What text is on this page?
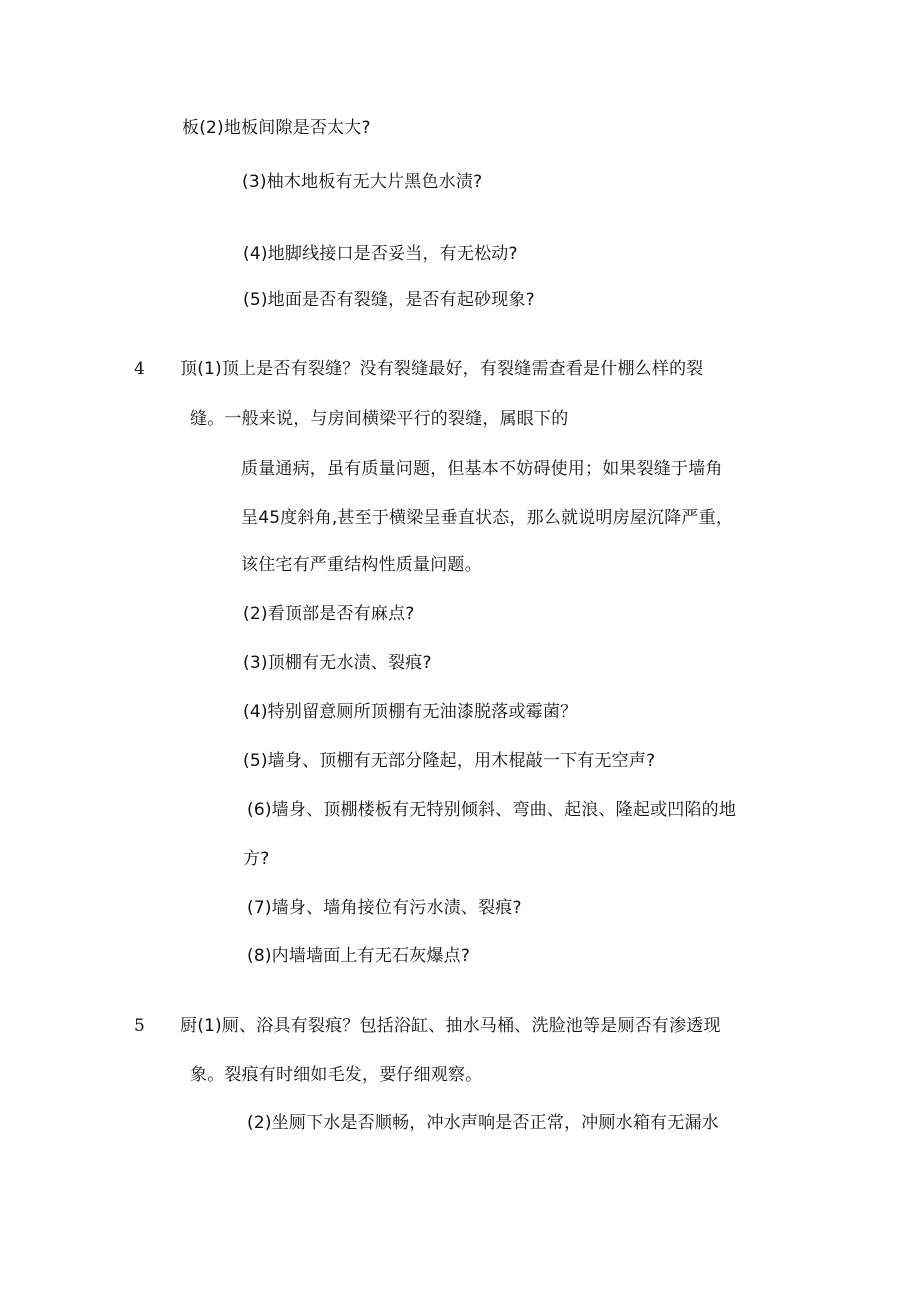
板(2)地板间隙是否太大?
(3)柚木地板有无大片黑色水渍?
(4)地脚线接口是否妥当，有无松动?
(5)地面是否有裂缝，是否有起砂现象?
4 顶(1)顶上是否有裂缝？没有裂缝最好，有裂缝需查看是什棚么样的裂
缝。一般来说，与房间横梁平行的裂缝，属眼下的
质量通病，虽有质量问题，但基本不妨碍使用；如果裂缝于墙角
呈45度斜角,甚至于横梁呈垂直状态，那么就说明房屋沉降严重，
该住宅有严重结构性质量问题。
(2)看顶部是否有麻点?
(3)顶棚有无水渍、裂痕?
(4)特别留意厕所顶棚有无油漆脱落或霉菌？
(5)墙身、顶棚有无部分隆起，用木棍敲一下有无空声?
(6)墙身、顶棚楼板有无特别倾斜、弯曲、起浪、隆起或凹陷的地
方?
(7)墙身、墙角接位有污水渍、裂痕?
(8)内墙墙面上有无石灰爆点?
5 厨(1)厕、浴具有裂痕？包括浴缸、抽水马桶、洗脸池等是厕否有渗透现
象。裂痕有时细如毛发，要仔细观察。
(2)坐厕下水是否顺畅，冲水声响是否正常，冲厕水箱有无漏水
